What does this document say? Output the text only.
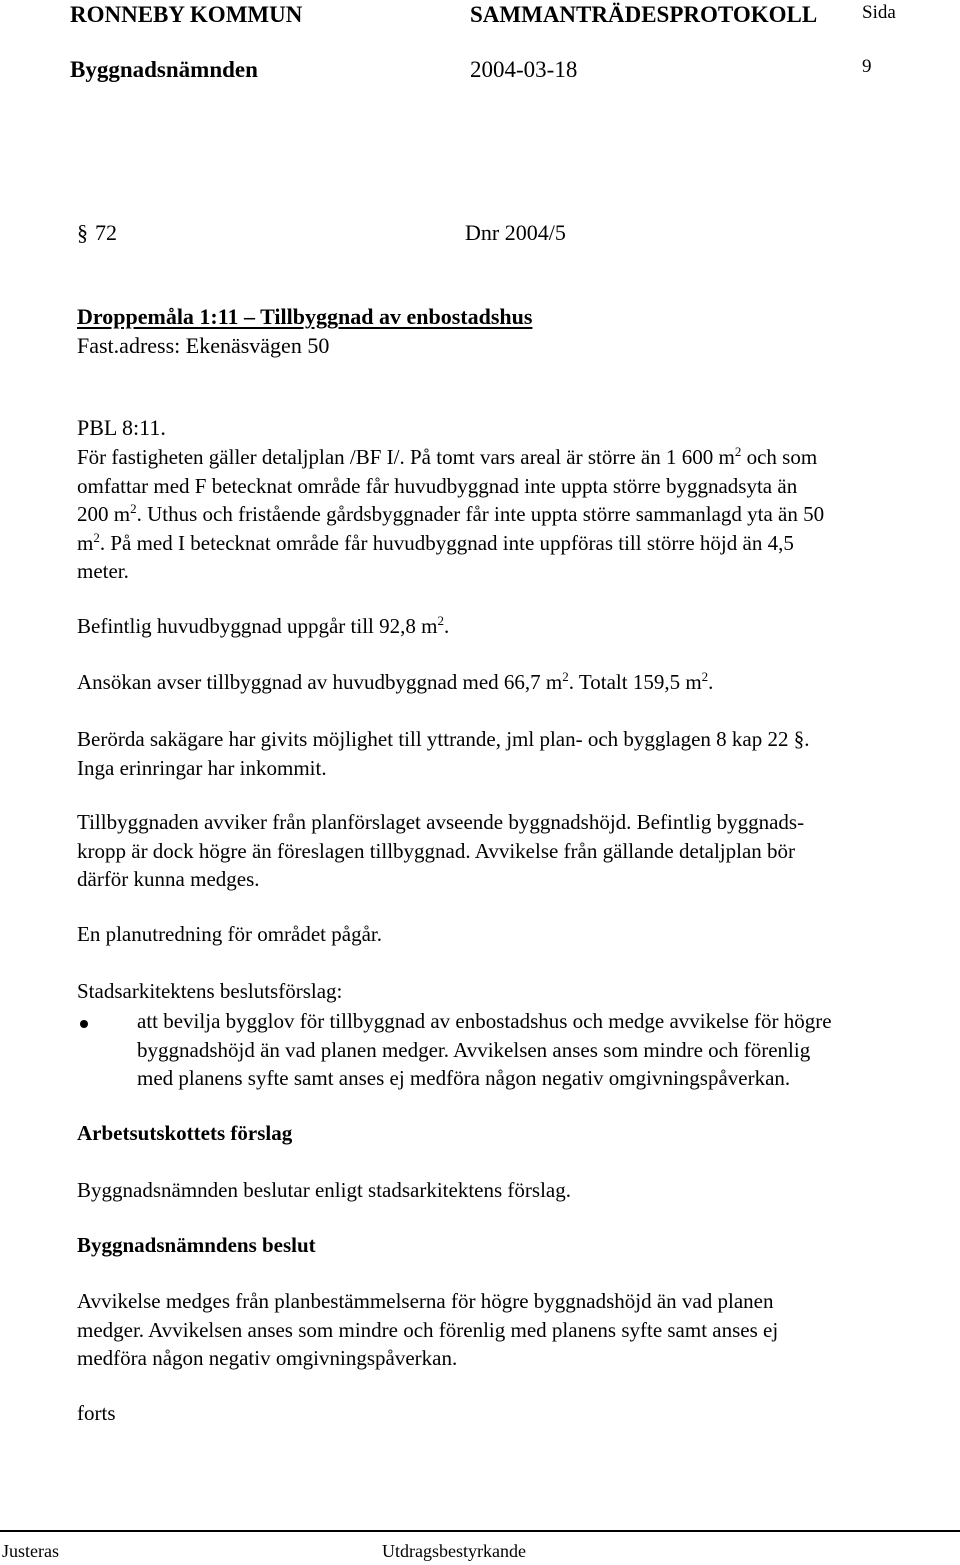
RONNEBY KOMMUN	SAMMANTRÄDESPROTOKOLL Sida
Byggnadsnämnden	2004-03-18	9
§ 72	Dnr 2004/5
Droppemåla 1:11 – Tillbyggnad av enbostadshus
Fast.adress: Ekenäsvägen 50
PBL 8:11.
För fastigheten gäller detaljplan /BF I/. På tomt vars areal är större än 1 600 $m^2$ och som
omfattar med F betecknat område får huvudbyggnad inte uppta större byggnadsyta än
200 $m^2$. Uthus och fristående gårdsbyggnader får inte uppta större sammanlagd yta än 50
$m^2$. På med I betecknat område får huvudbyggnad inte uppföras till större höjd än 4,5
meter.
Befintlig huvudbyggnad uppgår till 92,8 $m^2$.
Ansökan avser tillbyggnad av huvudbyggnad med 66,7 $m^2$. Totalt 159,5 $m^2$.
Berörda sakägare har givits möjlighet till yttrande, jml plan- och bygglagen 8 kap 22 §.
Inga erinringar har inkommit.
Tillbyggnaden avviker från planförslaget avseende byggnadshöjd. Befintlig byggnads-
kropp är dock högre än föreslagen tillbyggnad. Avvikelse från gällande detaljplan bör
därför kunna medges.
En planutredning för området pågår.
Stadsarkitektens beslutsförslag:
att bevilja bygglov för tillbyggnad av enbostadshus och medge avvikelse för högre
byggnadshöjd än vad planen medger. Avvikelsen anses som mindre och förenlig
med planens syfte samt anses ej medföra någon negativ omgivningspåverkan.
Arbetsutskottets förslag
Byggnadsnämnden beslutar enligt stadsarkitektens förslag.
Byggnadsnämndens beslut
Avvikelse medges från planbestämmelserna för högre byggnadshöjd än vad planen
medger. Avvikelsen anses som mindre och förenlig med planens syfte samt anses ej
medföra någon negativ omgivningspåverkan.
forts
Justeras	Utdragsbestyrkande
